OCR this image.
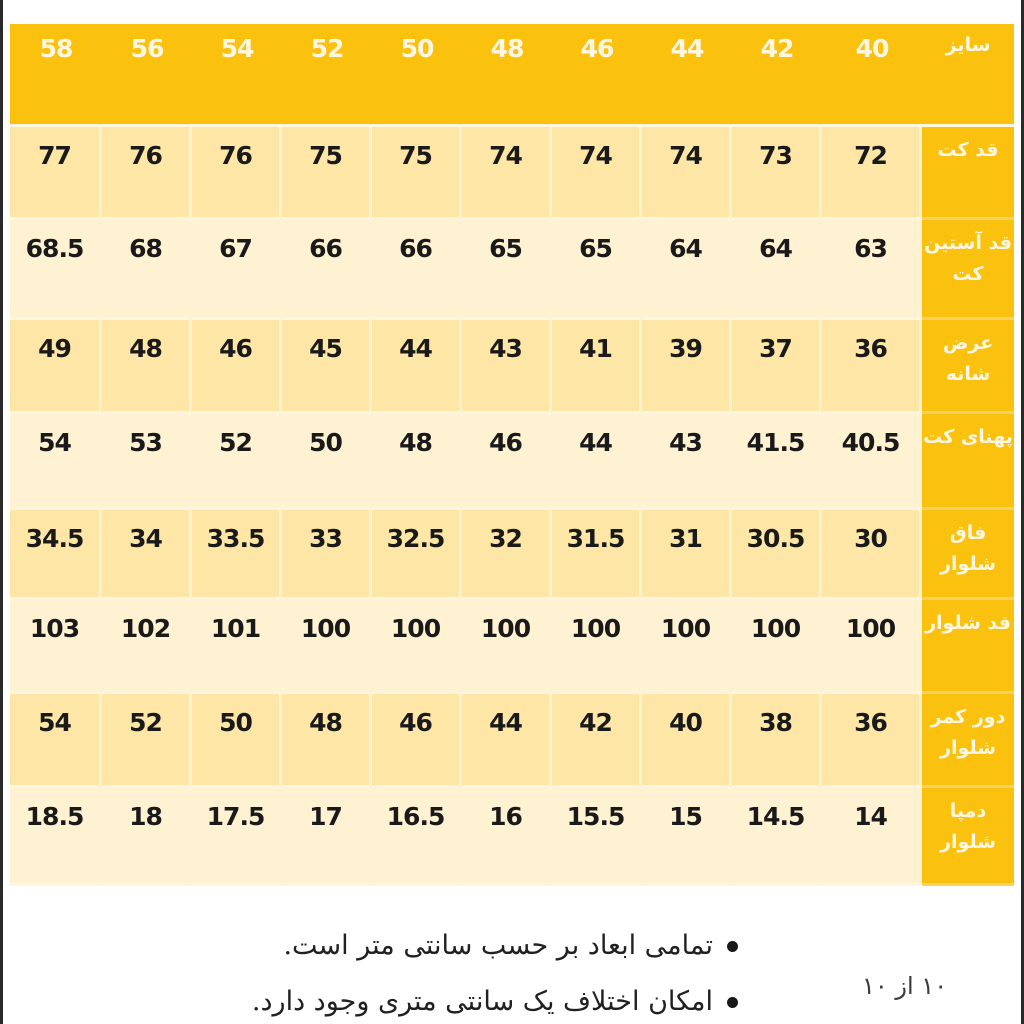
58	56	54	52	50	48	46	44	42	40	سایز
77	76	76	75	75	74	74	74	73	72	قد کت
68.5	68	67	66	66	65	65	64	64	63	قد آستین کت
49	48	46	45	44	43	41	39	37	36	عرض شانه
54	53	52	50	48	46	44	43	41.5	40.5	پهنای کت
34.5	34	33.5	33	32.5	32	31.5	31	30.5	30	فاق شلوار
103	102	101	100	100	100	100	100	100	100	قد شلوار
54	52	50	48	46	44	42	40	38	36	دور کمر شلوار
18.5	18	17.5	17	16.5	16	15.5	15	14.5	14	دمپا شلوار
تمامی ابعاد بر حسب سانتی متر است.
امکان اختلاف یک سانتی متری وجود دارد.	۱۰ از ۱۰
